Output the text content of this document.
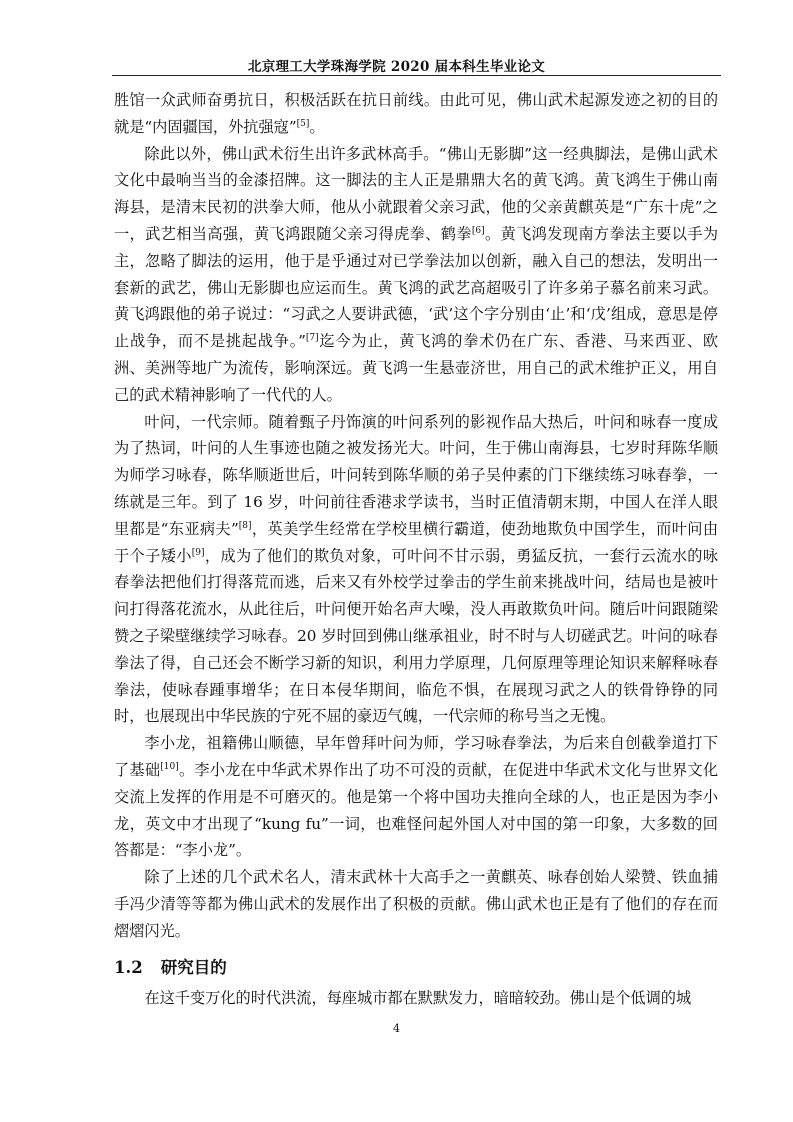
北京理工大学珠海学院 2020 届本科生毕业论文

胜馆一众武师奋勇抗日，积极活跃在抗日前线。由此可见，佛山武术起源发迹之初的目的就是“内固疆国，外抗强寇”[5]。

除此以外，佛山武术衍生出许多武林高手。“佛山无影脚”这一经典脚法，是佛山武术文化中最响当当的金漆招牌。这一脚法的主人正是鼎鼎大名的黄飞鸿。黄飞鸿生于佛山南海县，是清末民初的洪拳大师，他从小就跟着父亲习武，他的父亲黄麒英是“广东十虎”之一，武艺相当高强，黄飞鸿跟随父亲习得虎拳、鹤拳[6]。黄飞鸿发现南方拳法主要以手为主，忽略了脚法的运用，他于是乎通过对已学拳法加以创新，融入自己的想法，发明出一套新的武艺，佛山无影脚也应运而生。黄飞鸿的武艺高超吸引了许多弟子慕名前来习武。黄飞鸿跟他的弟子说过：“习武之人要讲武德，‘武’这个字分别由‘止’和‘戊’组成，意思是停止战争，而不是挑起战争。”[7]迄今为止，黄飞鸿的拳术仍在广东、香港、马来西亚、欧洲、美洲等地广为流传，影响深远。黄飞鸿一生悬壶济世，用自己的武术维护正义，用自己的武术精神影响了一代代的人。

叶问，一代宗师。随着甄子丹饰演的叶问系列的影视作品大热后，叶问和咏春一度成为了热词，叶问的人生事迹也随之被发扬光大。叶问，生于佛山南海县，七岁时拜陈华顺为师学习咏春，陈华顺逝世后，叶问转到陈华顺的弟子吴仲素的门下继续练习咏春拳，一练就是三年。到了 16 岁，叶问前往香港求学读书，当时正值清朝末期，中国人在洋人眼里都是“东亚病夫”[8]，英美学生经常在学校里横行霸道，使劲地欺负中国学生，而叶问由于个子矮小[9]，成为了他们的欺负对象，可叶问不甘示弱，勇猛反抗，一套行云流水的咏春拳法把他们打得落荒而逃，后来又有外校学过拳击的学生前来挑战叶问，结局也是被叶问打得落花流水，从此往后，叶问便开始名声大噪，没人再敢欺负叶问。随后叶问跟随梁赞之子梁壁继续学习咏春。20 岁时回到佛山继承祖业，时不时与人切磋武艺。叶问的咏春拳法了得，自己还会不断学习新的知识，利用力学原理，几何原理等理论知识来解释咏春拳法，使咏春踵事增华；在日本侵华期间，临危不惧，在展现习武之人的铁骨铮铮的同时，也展现出中华民族的宁死不屈的豪迈气魄，一代宗师的称号当之无愧。

李小龙，祖籍佛山顺德，早年曾拜叶问为师，学习咏春拳法，为后来自创截拳道打下了基础[10]。李小龙在中华武术界作出了功不可没的贡献，在促进中华武术文化与世界文化交流上发挥的作用是不可磨灭的。他是第一个将中国功夫推向全球的人，也正是因为李小龙，英文中才出现了“kung fu”一词，也难怪问起外国人对中国的第一印象，大多数的回答都是：“李小龙”。

除了上述的几个武术名人，清末武林十大高手之一黄麒英、咏春创始人梁赞、铁血捕手冯少清等等都为佛山武术的发展作出了积极的贡献。佛山武术也正是有了他们的存在而熠熠闪光。

1.2 研究目的

在这千变万化的时代洪流，每座城市都在默默发力，暗暗较劲。佛山是个低调的城

4
